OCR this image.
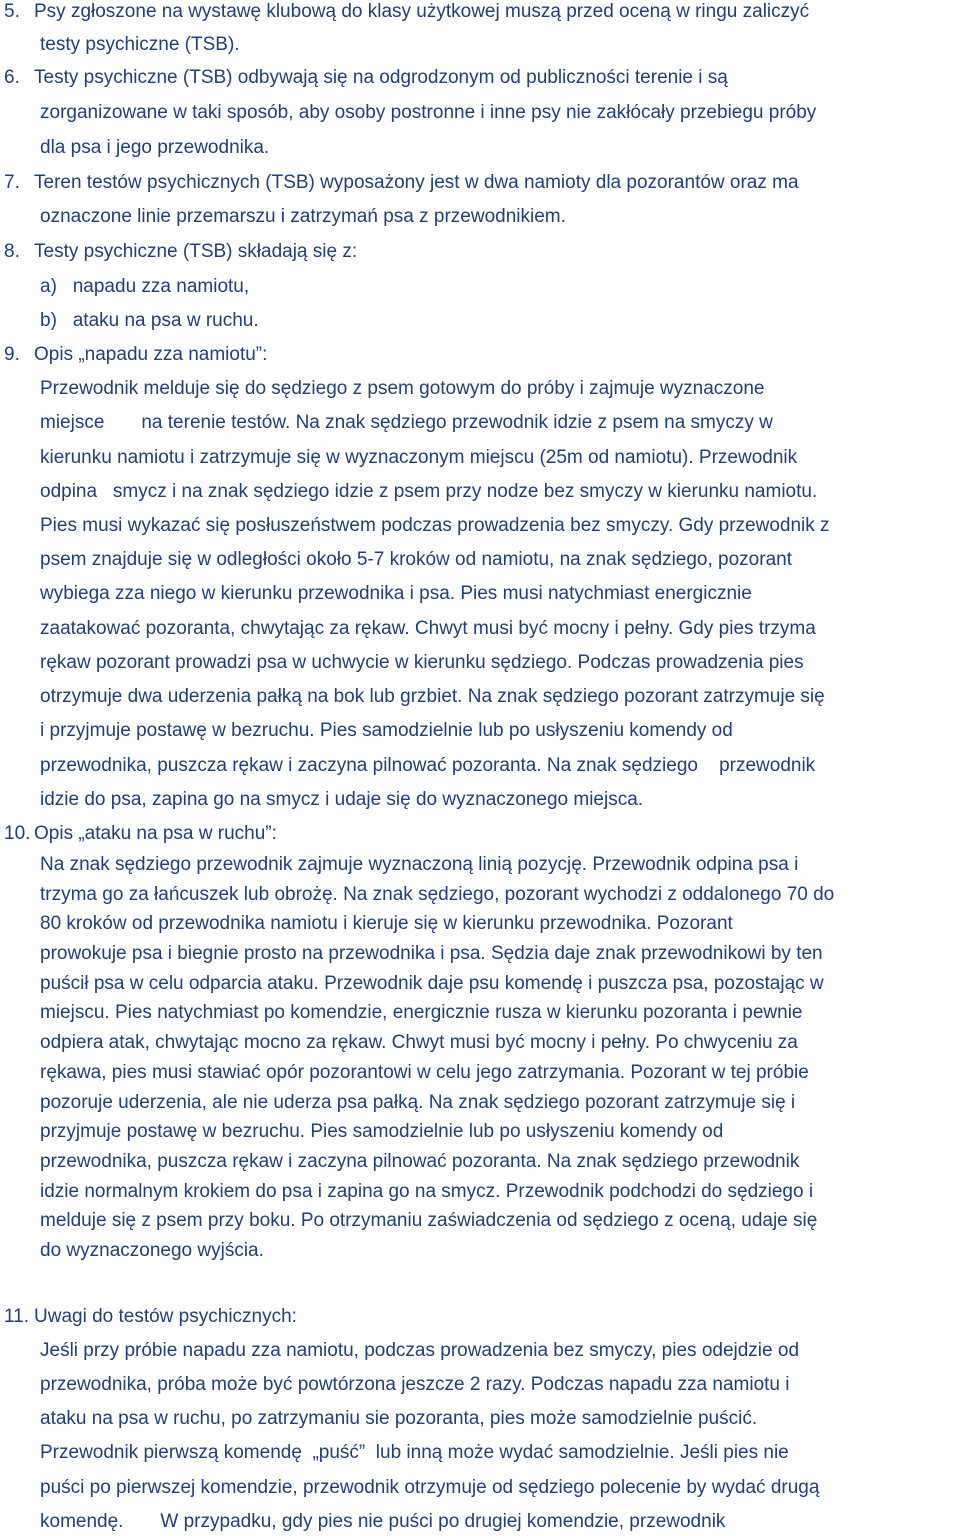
5. Psy zgłoszone na wystawę klubową do klasy użytkowej muszą przed oceną w ringu zaliczyć
testy psychiczne (TSB).
6. Testy psychiczne (TSB) odbywają się na odgrodzonym od publiczności terenie i są
zorganizowane w taki sposób, aby osoby postronne i inne psy nie zakłócały przebiegu próby
dla psa i jego przewodnika.
7. Teren testów psychicznych (TSB) wyposażony jest w dwa namioty dla pozorantów oraz ma
oznaczone linie przemarszu i zatrzymań psa z przewodnikiem.
8. Testy psychiczne (TSB) składają się z:
a)   napadu zza namiotu,
b)   ataku na psa w ruchu.
9. Opis „napadu zza namiotu”:
Przewodnik melduje się do sędziego z psem gotowym do próby i zajmuje wyznaczone
miejsce       na terenie testów. Na znak sędziego przewodnik idzie z psem na smyczy w
kierunku namiotu i zatrzymuje się w wyznaczonym miejscu (25m od namiotu). Przewodnik
odpina   smycz i na znak sędziego idzie z psem przy nodze bez smyczy w kierunku namiotu.
Pies musi wykazać się posłuszeństwem podczas prowadzenia bez smyczy. Gdy przewodnik z
psem znajduje się w odległości około 5-7 kroków od namiotu, na znak sędziego, pozorant
wybiega zza niego w kierunku przewodnika i psa. Pies musi natychmiast energicznie
zaatakować pozoranta, chwytając za rękaw. Chwyt musi być mocny i pełny. Gdy pies trzyma
rękaw pozorant prowadzi psa w uchwycie w kierunku sędziego. Podczas prowadzenia pies
otrzymuje dwa uderzenia pałką na bok lub grzbiet. Na znak sędziego pozorant zatrzymuje się
i przyjmuje postawę w bezruchu. Pies samodzielnie lub po usłyszeniu komendy od
przewodnika, puszcza rękaw i zaczyna pilnować pozoranta. Na znak sędziego    przewodnik
idzie do psa, zapina go na smycz i udaje się do wyznaczonego miejsca.
10. Opis „ataku na psa w ruchu”:
Na znak sędziego przewodnik zajmuje wyznaczoną linią pozycję. Przewodnik odpina psa i
trzyma go za łańcuszek lub obrożę. Na znak sędziego, pozorant wychodzi z oddalonego 70 do
80 kroków od przewodnika namiotu i kieruje się w kierunku przewodnika. Pozorant
prowokuje psa i biegnie prosto na przewodnika i psa. Sędzia daje znak przewodnikowi by ten
puścił psa w celu odparcia ataku. Przewodnik daje psu komendę i puszcza psa, pozostając w
miejscu. Pies natychmiast po komendzie, energicznie rusza w kierunku pozoranta i pewnie
odpiera atak, chwytając mocno za rękaw. Chwyt musi być mocny i pełny. Po chwyceniu za
rękawa, pies musi stawiać opór pozorantowi w celu jego zatrzymania. Pozorant w tej próbie
pozoruje uderzenia, ale nie uderza psa pałką. Na znak sędziego pozorant zatrzymuje się i
przyjmuje postawę w bezruchu. Pies samodzielnie lub po usłyszeniu komendy od
przewodnika, puszcza rękaw i zaczyna pilnować pozoranta. Na znak sędziego przewodnik
idzie normalnym krokiem do psa i zapina go na smycz. Przewodnik podchodzi do sędziego i
melduje się z psem przy boku. Po otrzymaniu zaświadczenia od sędziego z oceną, udaje się
do wyznaczonego wyjścia.
11. Uwagi do testów psychicznych:
Jeśli przy próbie napadu zza namiotu, podczas prowadzenia bez smyczy, pies odejdzie od
przewodnika, próba może być powtórzona jeszcze 2 razy. Podczas napadu zza namiotu i
ataku na psa w ruchu, po zatrzymaniu sie pozoranta, pies może samodzielnie puścić.
Przewodnik pierwszą komendę  „puść”  lub inną może wydać samodzielnie. Jeśli pies nie
puści po pierwszej komendzie, przewodnik otrzymuje od sędziego polecenie by wydać drugą
komendę.       W przypadku, gdy pies nie puści po drugiej komendzie, przewodnik
